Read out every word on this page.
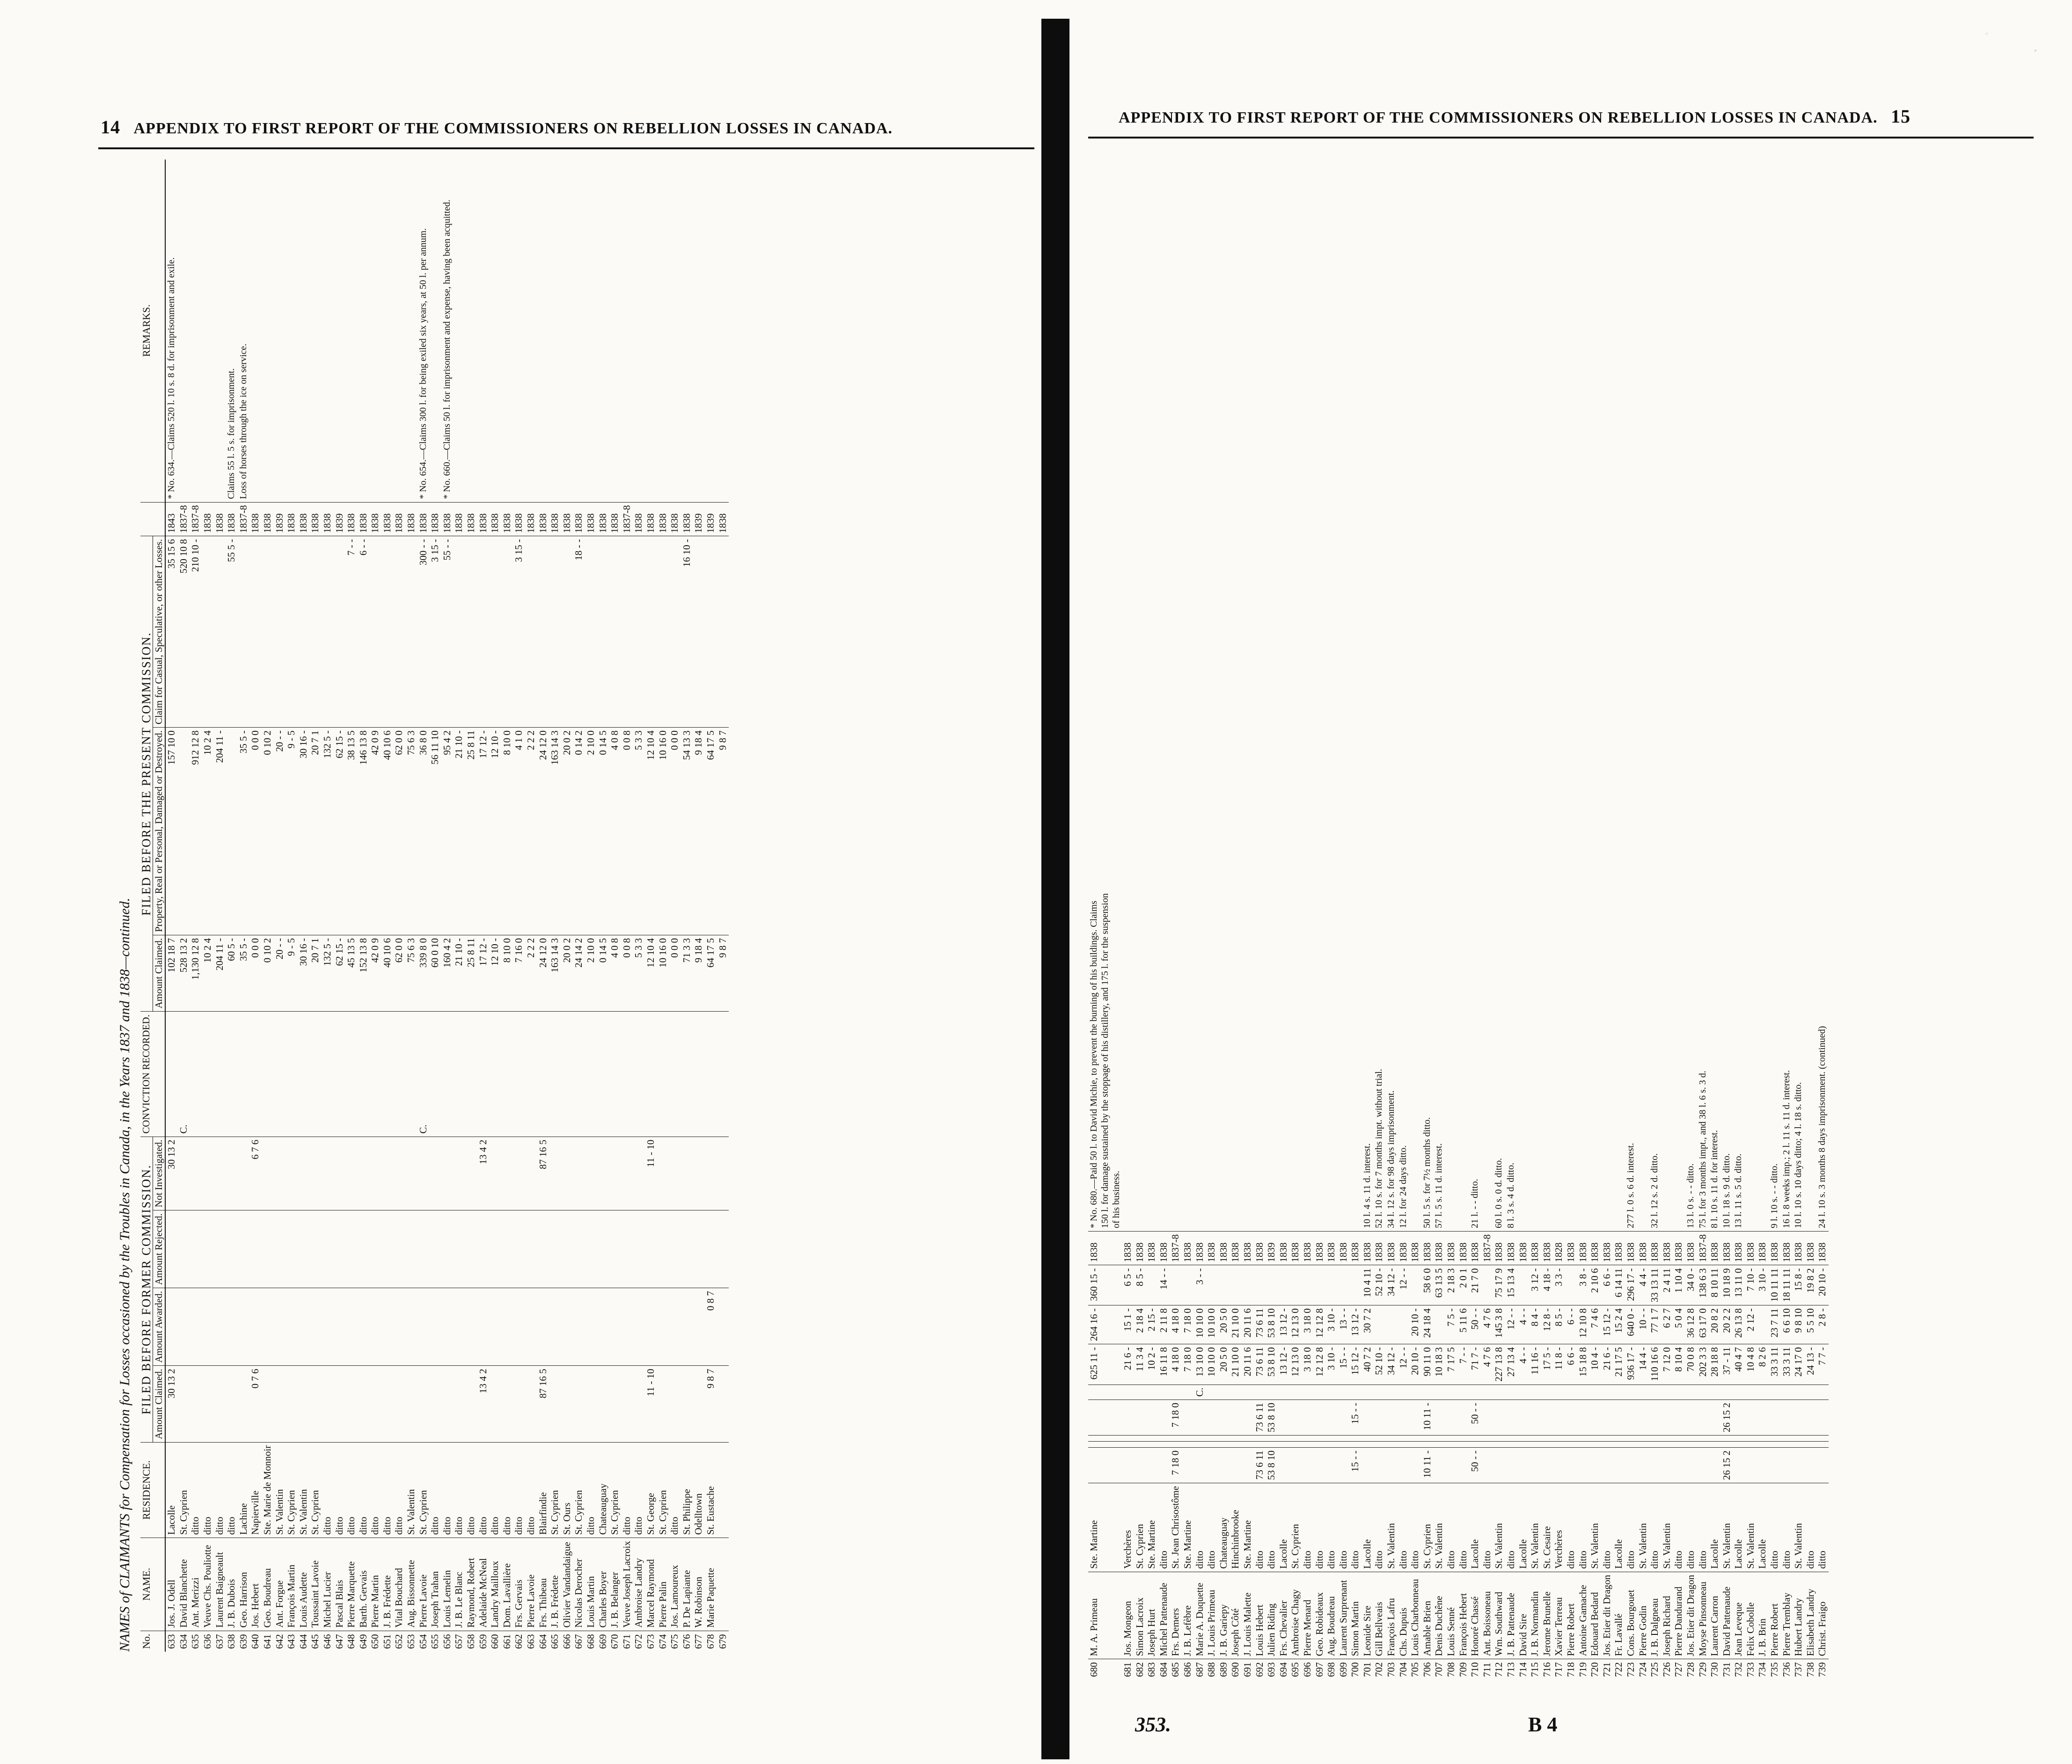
14 APPENDIX TO FIRST REPORT OF THE COMMISSIONERS ON REBELLION LOSSES IN CANADA.
NAMES of CLAIMANTS for Compensation for Losses occasioned by the Troubles in Canada, in the Years 1837 and 1838—continued. No.	NAME.	RESIDENCE.	FILED BEFORE FORMER COMMISSION.				CONVICTION RECORDED.	FILED BEFORE THE PRESENT COMMISSION.				REMARKS.
			Amount Claimed.	Amount Awarded.	Amount Rejected.	Not Investigated.		Amount Claimed.	Property, Real or Personal, Damaged or Destroyed.	Claim for Casual, Speculative, or other Losses.		
633	Jos. J. Odell	Lacolle	30 13 2			30 13 2		102 18 7	157 10 0	35 15 6	1843	* No. 634.—Claims 520 l. 10 s. 8 d. for imprisonment and exile.
634	David Blanchette	St. Cyprien					C.	528 13 2		520 10 8	1837-8	
635	Ant. Merizzi	ditto						1,130 12 8	912 12 8	210 10 -	1837-8	
636	Veuve Chs. Pouliotte	ditto						10 2 4	10 2 4		1838	
637	Laurent Baigneault	ditto						204 11 -	204 11 -		1838	
638	J. B. Dubois	ditto						60 5 -		55 5 -	1838	Claims 55 l. 5 s. for imprisonment.
639	Geo. Harrison	Lachine						35 5 -	35 5 -		1837-8	Loss of horses through the ice on service.
640	Jos. Hebert	Napierville	0 7 6			6 7 6		0 0 0	0 0 0		1838	
641	Geo. Boudreau	Ste. Marie de Monnoir						0 10 2	0 10 2		1838	
642	Ant. Forgue	St. Valentin						20 - -	20 - -		1839	
643	François Martin	St. Cyprien						9 - 5	9 - 5		1838	
644	Louis Audette	St. Valentin						30 16 -	30 16 -		1838	
645	Toussaint Lavoie	St. Cyprien						20 7 1	20 7 1		1838	
646	Michel Lucier	ditto						132 5 -	132 5 -		1838	
647	Pascal Blais	ditto						62 15 -	62 15 -		1839	
648	Pierre Marquette	ditto						45 13 5	38 13 5	7 - -	1838	
649	Barth. Gervais	ditto						152 13 8	146 13 8	6 - -	1838	
650	Pierre Martin	ditto						42 0 9	42 0 9		1838	
651	J. B. Frédette	ditto						40 10 6	40 10 6		1838	
652	Vital Bouchard	ditto						62 0 0	62 0 0		1838	
653	Aug. Bissonnette	St. Valentin						75 6 3	75 6 3		1838	
654	Pierre Lavoie	St. Cyprien					C.	339 8 0	36 8 0	300 - -	1838	* No. 654.—Claims 300 l. for being exiled six years, at 50 l. per annum.
655	Joseph Trahan	ditto						60 0 10	56 11 10	3 15 -	1838	
656	Louis Lemelin	ditto						160 4 2	95 4 2	55 - -	1838	* No. 660.—Claims 50 l. for imprisonment and expense, having been acquitted.
657	J. B. Le Blanc	ditto						21 10 -	21 10 -		1838	
658	Raymond, Robert	ditto						25 8 11	25 8 11		1838	
659	Adelaide McNeal	ditto	13 4 2			13 4 2		17 12 -	17 12 -		1838	
660	Landry Mailloux	ditto						12 10 -	12 10 -		1838	
661	Dom. Lavallière	ditto						8 10 0	8 10 0		1838	
662	Frs. Gervais	ditto						7 16 0	4 1 0	3 15 -	1838	
663	Pierre Lavoie	ditto						2 2 2	2 2 2		1838	
664	Frs. Thibeau	Blairfindie	87 16 5			87 16 5		24 12 0	24 12 0		1838	
665	J. B. Frédette	St. Cyprien						163 14 3	163 14 3		1838	
666	Olivier Vandandaigue	St. Ours						20 0 2	20 0 2		1838	
667	Nicolas Derocher	St. Cyprien						24 14 2	0 14 2	18 - -	1838	
668	Louis Martin	ditto						2 10 0	2 10 0		1838	
669	Charles Boyer	Chateauguay						0 14 5	0 14 5		1838	
670	J. B. Belanger	St. Cyprien						4 0 8	4 0 8		1838	
671	Veuve Joseph Lacroix	ditto						0 0 8	0 0 8		1837-8	
672	Ambroise Landry	ditto						5 3 3	5 3 3		1838	
673	Marcel Raymond	St. George	11 - 10			11 - 10		12 10 4	12 10 4		1838	
674	Pierre Palin	St. Cyprien						10 16 0	10 16 0		1838	
675	Jos. Lamoureux	ditto						0 0 0	0 0 0		1838	
676	P. De Lapiante	St. Philippe						71 3 3	54 13 3	16 10 -	1838	
677	W. Robinson	Odelltown						9 18 4	9 18 4		1839	
678	Marie Paquette	St. Eustache	9 8 7	0 8 7				64 17 5	64 17 5		1839	
679								9 8 7	9 8 7		1838	
APPENDIX TO FIRST REPORT OF THE COMMISSIONERS ON REBELLION LOSSES IN CANADA. 15
680	M. A. Primeau	Ste. Martine						625 11 -	264 16 -	360 15 -	1838	* No. 680.—Paid 50 l. to David Michie, to prevent the burning of his buildings. Claims 150 l. for damage sustained by the stoppage of his distillery, and 175 l. for the suspension of his business.
681	Jos. Mongeon	Verchères						21 6 -	15 1 -	6 5 -	1838	
682	Simon Lacroix	St. Cyprien						11 3 4	2 18 4	8 5 -	1838	
683	Joseph Hurt	Ste. Martine						10 2 -	2 15 -		1838	
684	Michel Pattenaude	ditto						16 11 8	2 11 8	14 - -	1838	
685	Frs. Demers	St. Jean Chrisostôme	7 18 0			7 18 0		4 18 0	4 18 0		1837-8	
686	J. B. Lefèbre	Ste. Martine						7 18 0	7 18 0		1838	
687	Marie A. Duquette	ditto					C.	13 10 0	10 10 0	3 - -	1838	
688	J. Louis Primeau	ditto						10 10 0	10 10 0		1838	
689	J. B. Gariepy	Chateauguay						20 5 0	20 5 0		1838	
690	Joseph Côté	Hinchinbrooke						21 10 0	21 10 0		1838	
691	J. Louis Malette	Ste. Martine						20 11 6	20 11 6		1838	
692	Louis Hebert	ditto	73 6 11			73 6 11		73 6 11	73 6 11		1838	
693	Julien Riding	ditto	53 8 10			53 8 10		53 8 10	53 8 10		1839	
694	Frs. Chevalier	Lacolle						13 12 -	13 12 -		1838	
695	Ambroise Chagy	St. Cyprien						12 13 0	12 13 0		1838	
696	Pierre Menard	ditto						3 18 0	3 18 0		1838	
697	Geo. Robideaux	ditto						12 12 8	12 12 8		1838	
698	Aug. Boudreau	ditto						3 10 -	3 10 -		1838	
699	Laurent Surprenant	ditto						15 - -	13 - -		1838	
700	Simon Martin	ditto	15 - -			15 - -		15 12 -	13 12 -		1838	
701	Leonide Sire	Lacolle						40 7 2	30 7 2	10 4 11	1838	10 l. 4 s. 11 d. interest.
702	Gill Bellveais	ditto						52 10 -		52 10 -	1838	52 l. 10 s. for 7 months impt. without trial.
703	François Lafru	St. Valentin						34 12 -		34 12 -	1838	34 l. 12 s. for 98 days imprisonment.
704	Chs. Dupuis	ditto						12 - -		12 - -	1838	12 l. for 24 days ditto.
705	Louis Charbonneau	ditto						20 10 -	20 10 -		1838	
706	Amable Brien	St. Cyprien	10 11 -			10 11 -		90 11 0	24 18 4	58 6 0	1838	50 l. 5 s. for 7½ months ditto.
707	Denis Duchêne	St. Valentin						10 18 3		63 13 5	1838	57 l. 5 s. 11 d. interest.
708	Louis Senné	ditto						7 17 5	7 5 -	2 18 3	1838	
709	François Hebert	ditto						7 - -	5 11 6	2 0 1	1838	
710	Honoré Chassé	Lacolle	50 - -			50 - -		71 7 -	50 - -	21 7 0	1838	21 l. - - ditto.
711	Ant. Boissoneau	ditto						4 7 6	4 7 6		1837-8	
712	Wm. Southward	St. Valentin						227 13 8	145 3 8	75 17 9	1838	60 l. 0 s. 0 d. ditto.
713	J. B. Pattenaude	ditto						27 13 4	12 - -	15 13 4	1838	8 l. 3 s. 4 d. ditto.
714	David Sire	Lacolle						4 - -	4 - -		1838	
715	J. B. Normandin	St. Valentin						11 16 -	8 4 -	3 12 -	1838	
716	Jerome Brunelle	St. Cesaire						17 5 -	12 8 -	4 18 -	1838	
717	Xavier Terreau	Verchères						11 8 -	8 5 -	3 3 -	1828	
718	Pierre Robert	ditto						6 6 -	6 - -		1838	
719	Antoine Gamache	ditto						15 18 8	12 10 8	3 8 -	1838	
720	Edouard Bedard	St. Valentin						10 4 -	7 4 6	2 10 6	1838	
721	Jos. Etier dit Dragon	ditto						21 6 -	15 12 -	6 6 -	1838	
722	Fr. Lavallé	Lacolle						21 17 5	15 2 4	6 14 11	1838	
723	Cons. Bourgouet	ditto						936 17 -	640 0 -	296 17 -	1838	277 l. 0 s. 6 d. interest.
724	Pierre Godin	St. Valentin						14 4 -	10 - -	4 4 -	1838	
725	J. B. Dalgneau	ditto						110 16 6	77 1 7	33 13 11	1838	32 l. 12 s. 2 d. ditto.
726	Joseph Richard	St. Valentin						7 12 0	6 2 7	2 4 11	1838	
727	Pierre Dandurand	ditto						8 10 4	5 0 4	1 10 4	1838	
728	Jos. Etier dit Dragon	ditto						70 0 8	36 12 8	34 0 -	1838	13 l. 0 s. - - ditto.
729	Moyse Pinsonneau	ditto						202 3 3	63 17 0	138 6 3	1837-8	75 l. for 3 months impt., and 38 l. 6 s. 3 d.
730	Laurent Carron	Lacolle						28 18 8	20 8 2	8 10 11	1838	8 l. 10 s. 11 d. for interest.
731	David Pattenaude	St. Valentin	26 15 2			26 15 2		37 - 11	20 2 2	10 18 9	1838	10 l. 18 s. 9 d. ditto.
732	Jean Leveque	Lacolle						40 4 7	26 13 8	13 11 0	1838	13 l. 11 s. 5 d. ditto.
733	Felix Cobolle	St. Valentin						10 4 8	2 12 -	7 10 -	1838	
734	J. B. Brin	Lacolle						8 2 6		3 10 -	1838	
735	Pierre Robert	ditto						33 3 11	23 7 11	10 11 11	1838	9 l. 10 s. - - ditto.
736	Pierre Tremblay	ditto						33 3 11	6 6 10	18 11 11	1838	16 l. 8 weeks imp.; 2 l. 11 s. 11 d. interest.
737	Hubert Landry	St. Valentin						24 17 0	9 8 10	15 8 -	1838	10 l. 10 s. 10 days ditto; 4 l. 18 s. ditto.
738	Elisabeth Landry	ditto						24 13 -	5 5 10	19 8 2	1838	
739	Christ. Fraigo	ditto						7 7 -	2 8 -	20 10 -	1838	24 l. 10 s. 3 months 8 days imprisonment. (continued)
353.	B 4
